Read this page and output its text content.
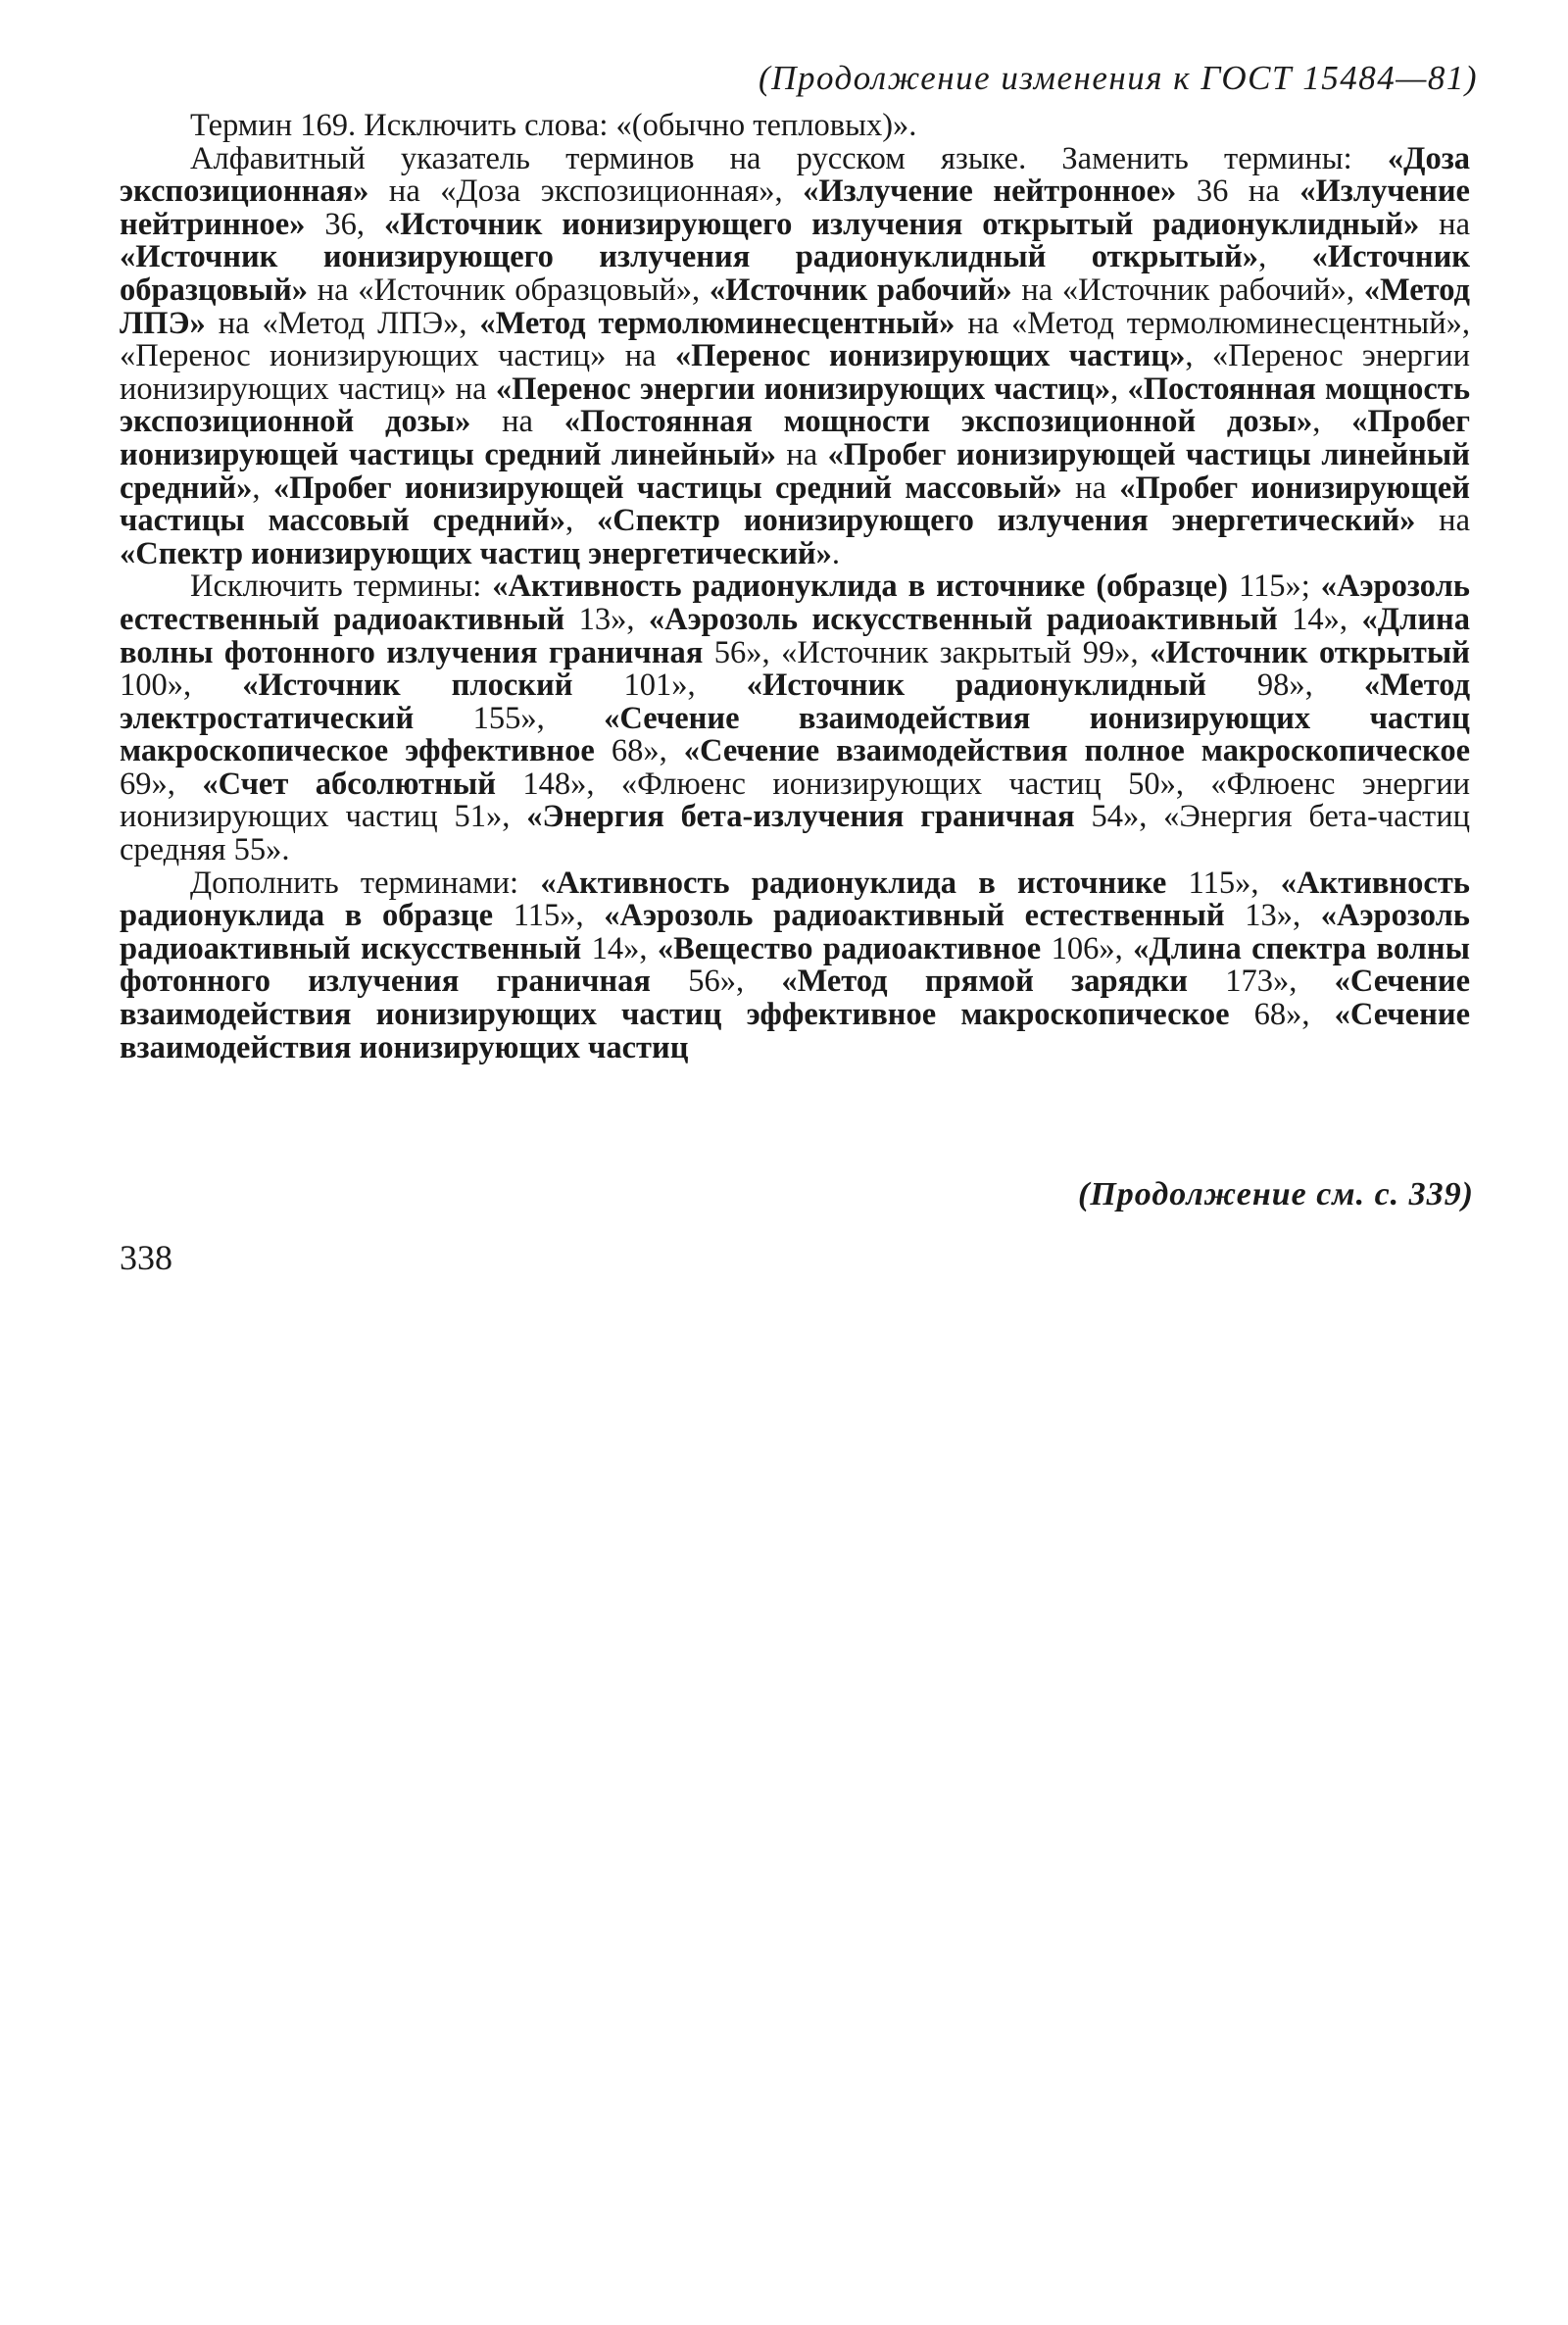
(Продолжение изменения к ГОСТ 15484—81)

Термин 169. Исключить слова: «(обычно тепловых)».

Алфавитный указатель терминов на русском языке. Заменить термины: «Доза экспозиционная» на «Доза экспозиционная», «Излучение нейтронное» 36 на «Излучение нейтринное» 36, «Источник ионизирующего излучения открытый радионуклидный» на «Источник ионизирующего излучения радионуклидный открытый», «Источник образцовый» на «Источник образцовый», «Источник рабочий» на «Источник рабочий», «Метод ЛПЭ» на «Метод ЛПЭ», «Метод термолюминесцентный» на «Метод термолюминесцентный», «Перенос ионизирующих частиц» на «Перенос ионизирующих частиц», «Перенос энергии ионизирующих частиц» на «Перенос энергии ионизирующих частиц», «Постоянная мощность экспозиционной дозы» на «Постоянная мощности экспозиционной дозы», «Пробег ионизирующей частицы средний линейный» на «Пробег ионизирующей частицы линейный средний», «Пробег ионизирующей частицы средний массовый» на «Пробег ионизирующей частицы массовый средний», «Спектр ионизирующего излучения энергетический» на «Спектр ионизирующих частиц энергетический».

Исключить термины: «Активность радионуклида в источнике (образце) 115»; «Аэрозоль естественный радиоактивный 13», «Аэрозоль искусственный радиоактивный 14», «Длина волны фотонного излучения граничная 56», «Источник закрытый 99», «Источник открытый 100», «Источник плоский 101», «Источник радионуклидный 98», «Метод электростатический 155», «Сечение взаимодействия ионизирующих частиц макроскопическое эффективное 68», «Сечение взаимодействия полное макроскопическое 69», «Счет абсолютный 148», «Флюенс ионизирующих частиц 50», «Флюенс энергии ионизирующих частиц 51», «Энергия бета-излучения граничная 54», «Энергия бета-частиц средняя 55».

Дополнить терминами: «Активность радионуклида в источнике 115», «Активность радионуклида в образце 115», «Аэрозоль радиоактивный естественный 13», «Аэрозоль радиоактивный искусственный 14», «Вещество радиоактивное 106», «Длина спектра волны фотонного излучения граничная 56», «Метод прямой зарядки 173», «Сечение взаимодействия ионизирующих частиц эффективное макроскопическое 68», «Сечение взаимодействия ионизирующих частиц

(Продолжение см. с. 339)
338
